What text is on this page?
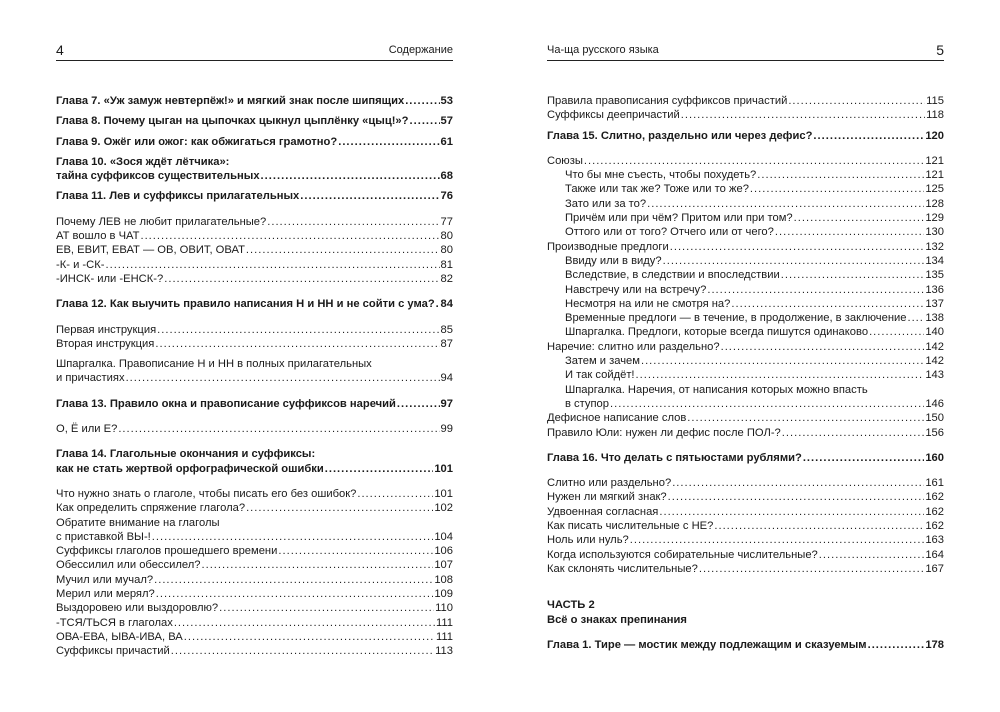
4	Содержание
Глава 7. «Уж замуж невтерпёж!» и мягкий знак после шипящих .....	53
Глава 8. Почему цыган на цыпочках цыкнул цыплёнку «цыц!»? .....	57
Глава 9. Ожёг или ожог: как обжигаться грамотно? .....	61
Глава 10. «Зося ждёт лётчика»:
тайна суффиксов существительных .....	68
Глава 11. Лев и суффиксы прилагательных .....	76
Почему ЛЕВ не любит прилагательные? .....	77
АТ вошло в ЧАТ .....	80
ЕВ, ЕВИТ, ЕВАТ — ОВ, ОВИТ, ОВАТ .....	80
-К- и -СК- .....	81
-ИНСК- или -ЕНСК-? .....	82
Глава 12. Как выучить правило написания Н и НН и не сойти с ума? ..... 84
Первая инструкция .....	85
Вторая инструкция .....	87
Шпаргалка. Правописание Н и НН в полных прилагательных
и причастиях .....	94
Глава 13. Правило окна и правописание суффиксов наречий .....	97
О, Ё или Е? .....	99
Глава 14. Глагольные окончания и суффиксы:
как не стать жертвой орфографической ошибки .....	101
Что нужно знать о глаголе, чтобы писать его без ошибок? .....	101
Как определить спряжение глагола? .....	102
Обратите внимание на глаголы
с приставкой ВЫ-! .....	104
Суффиксы глаголов прошедшего времени .....	106
Обессилил или обессилел? .....	107
Мучил или мучал? .....	108
Мерил или мерял? .....	109
Выздоровею или выздоровлю? .....	110
-ТСЯ/ТЬСЯ в глаголах .....	111
ОВА-ЕВА, ЫВА-ИВА, ВА .....	111
Суффиксы причастий .....	113
Ча-ща русского языка	5
Правила правописания суффиксов причастий .....	115
Суффиксы деепричастий .....	118
Глава 15. Слитно, раздельно или через дефис? .....	120
Союзы .....	121
Что бы мне съесть, чтобы похудеть? .....	121
Также или так же? Тоже или то же? .....	125
Зато или за то? .....	128
Причём или при чём? Притом или при том? .....	129
Оттого или от того? Отчего или от чего? .....	130
Производные предлоги .....	132
Ввиду или в виду? .....	134
Вследствие, в следствии и впоследствии .....	135
Навстречу или на встречу? .....	136
Несмотря на или не смотря на? .....	137
Временные предлоги — в течение, в продолжение, в заключение ..... 138
Шпаргалка. Предлоги, которые всегда пишутся одинаково .....	140
Наречие: слитно или раздельно? .....	142
Затем и зачем .....	142
И так сойдёт! .....	143
Шпаргалка. Наречия, от написания которых можно впасть
в ступор .....	146
Дефисное написание слов .....	150
Правило Юли: нужен ли дефис после ПОЛ-? .....	156
Глава 16. Что делать с пятьюстами рублями? .....	160
Слитно или раздельно? .....	161
Нужен ли мягкий знак? .....	162
Удвоенная согласная .....	162
Как писать числительные с НЕ? .....	162
Ноль или нуль? .....	163
Когда используются собирательные числительные? .....	164
Как склонять числительные? .....	167
ЧАСТЬ 2
Всё о знаках препинания
Глава 1. Тире — мостик между подлежащим и сказуемым .....	178
